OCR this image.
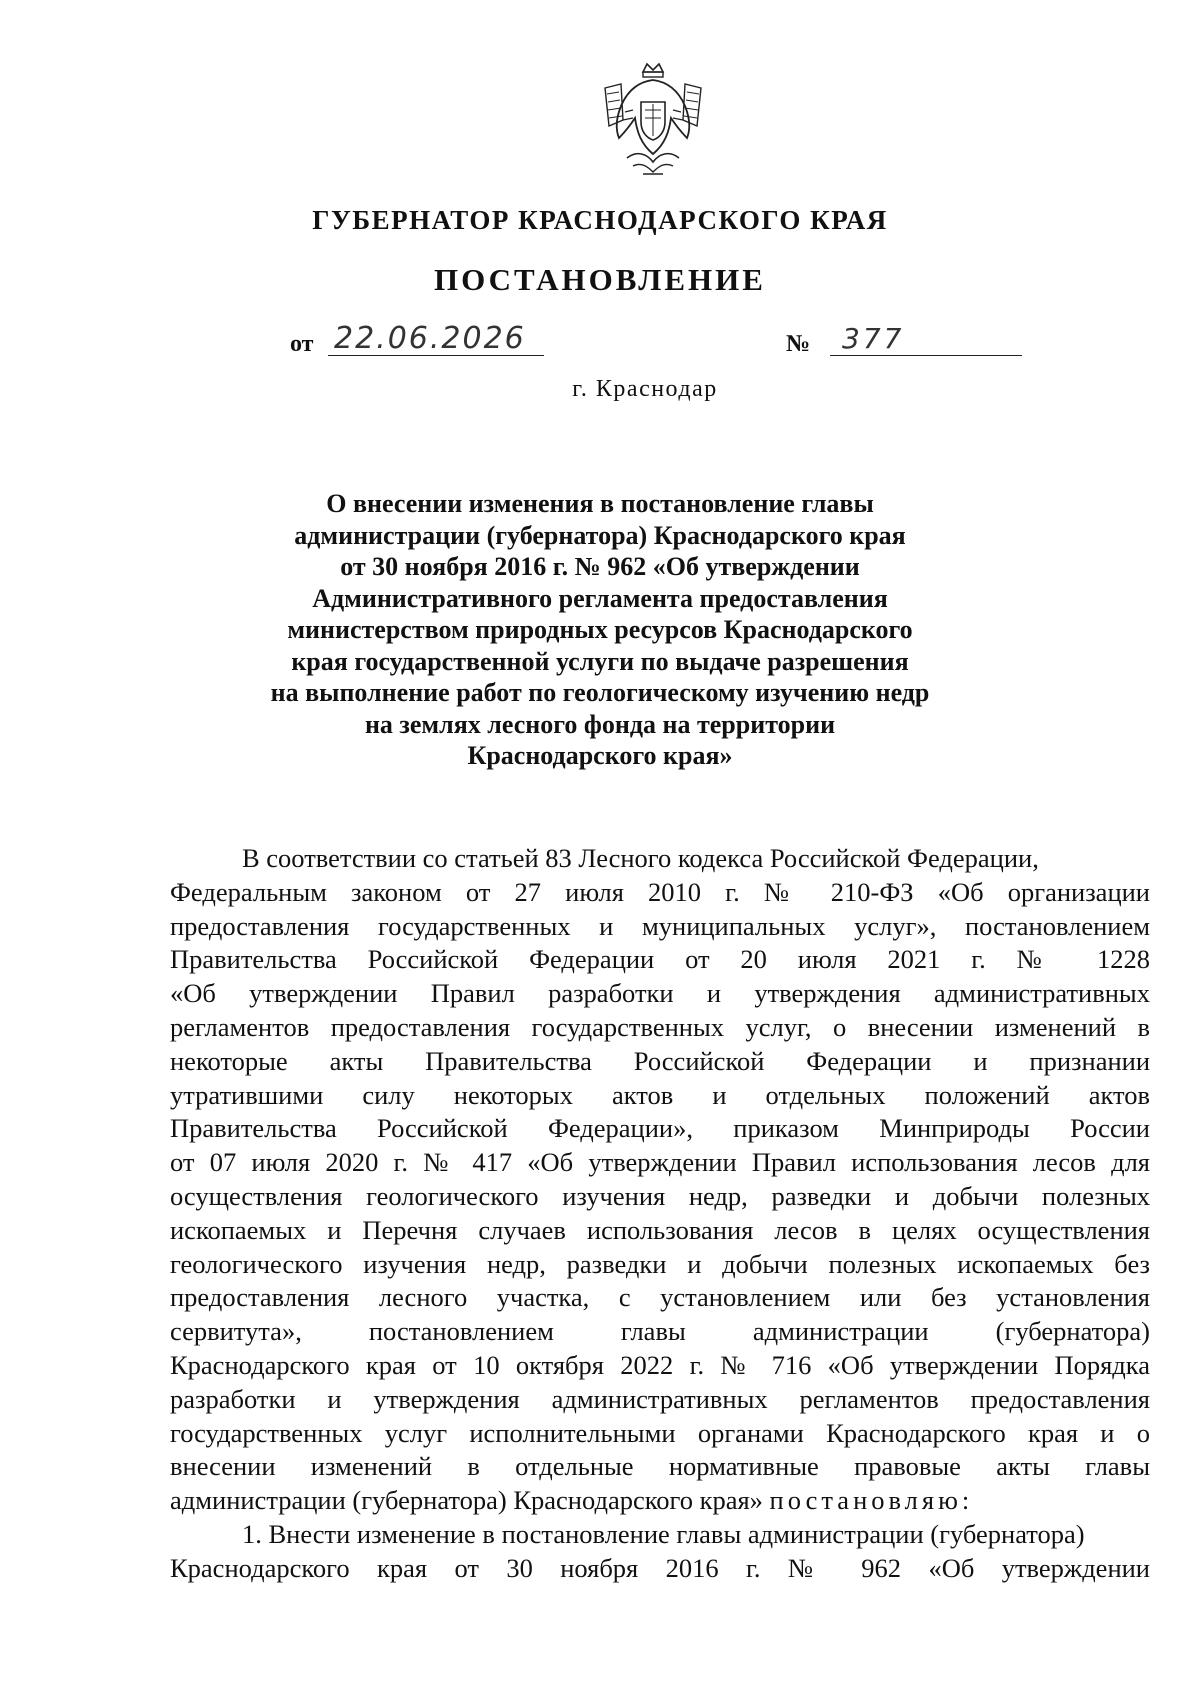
ГУБЕРНАТОР КРАСНОДАРСКОГО КРАЯ
ПОСТАНОВЛЕНИЕ
от 22.06.2026	№	377
г. Краснодар
О внесении изменения в постановление главы
администрации (губернатора) Краснодарского края
от 30 ноября 2016 г. № 962 «Об утверждении
Административного регламента предоставления
министерством природных ресурсов Краснодарского
края государственной услуги по выдаче разрешения
на выполнение работ по геологическому изучению недр
на землях лесного фонда на территории
Краснодарского края»
В соответствии со статьей 83 Лесного кодекса Российской Федерации,
Федеральным законом от 27 июля 2010 г. № 210-ФЗ «Об организации
предоставления государственных и муниципальных услуг», постановлением
Правительства Российской Федерации от 20 июля 2021 г. № 1228
«Об утверждении Правил разработки и утверждения административных
регламентов предоставления государственных услуг, о внесении изменений в
некоторые акты Правительства Российской Федерации и признании
утратившими силу некоторых актов и отдельных положений актов
Правительства Российской Федерации», приказом Минприроды России
от 07 июля 2020 г. № 417 «Об утверждении Правил использования лесов для
осуществления геологического изучения недр, разведки и добычи полезных
ископаемых и Перечня случаев использования лесов в целях осуществления
геологического изучения недр, разведки и добычи полезных ископаемых без
предоставления лесного участка, с установлением или без установления
сервитута», постановлением главы администрации (губернатора)
Краснодарского края от 10 октября 2022 г. № 716 «Об утверждении Порядка
разработки и утверждения административных регламентов предоставления
государственных услуг исполнительными органами Краснодарского края и о
внесении изменений в отдельные нормативные правовые акты главы
администрации (губернатора) Краснодарского края» постановляю:
1. Внести изменение в постановление главы администрации (губернатора)
Краснодарского края от 30 ноября 2016 г. № 962 «Об утверждении
